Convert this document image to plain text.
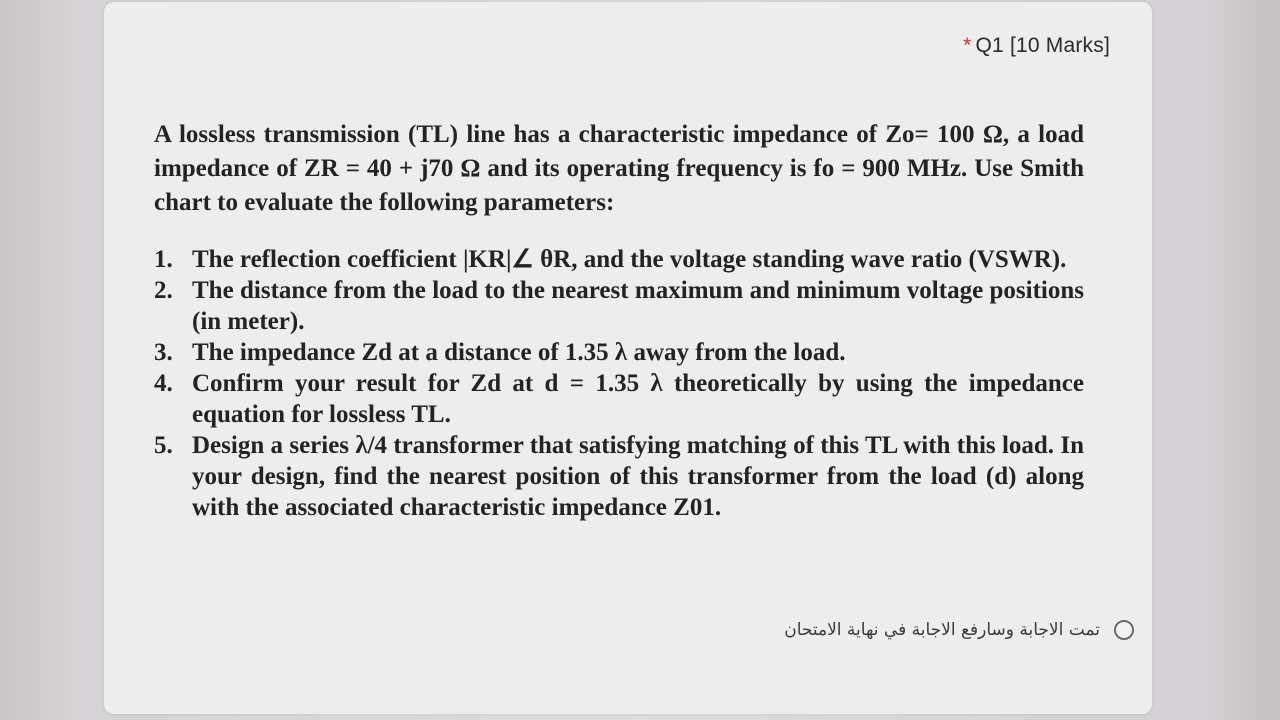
* Q1 [10 Marks]

A lossless transmission (TL) line has a characteristic impedance of Zo= 100 Ω, a load impedance of ZR = 40 + j70 Ω and its operating frequency is fo = 900 MHz. Use Smith chart to evaluate the following parameters:

1. The reflection coefficient |KR|∠ θR, and the voltage standing wave ratio (VSWR).
2. The distance from the load to the nearest maximum and minimum voltage positions (in meter).
3. The impedance Zd at a distance of 1.35 λ away from the load.
4. Confirm your result for Zd at d = 1.35 λ theoretically by using the impedance equation for lossless TL.
5. Design a series λ/4 transformer that satisfying matching of this TL with this load. In your design, find the nearest position of this transformer from the load (d) along with the associated characteristic impedance Z01.
تمت الاجابة وسارفع الاجابة في نهاية الامتحان
